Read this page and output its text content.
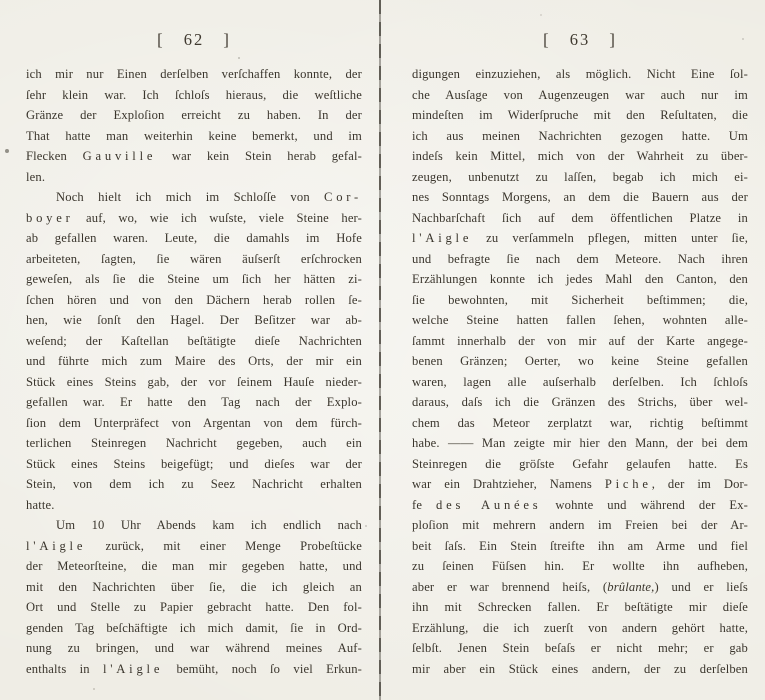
[ 62 ]
ich mir nur Einen derſelben verſchaffen konnte, der
ſehr klein war. Ich ſchloſs hieraus, die weſtliche
Gränze der Exploſion erreicht zu haben. In der
That hatte man weiterhin keine bemerkt, und im
Flecken Gauville war kein Stein herab gefal-
len.
Noch hielt ich mich im Schloſſe von Cor-
boyer auf, wo, wie ich wuſste, viele Steine her-
ab gefallen waren. Leute, die damahls im Hofe
arbeiteten, ſagten, ſie wären äuſserſt erſchrocken
geweſen, als ſie die Steine um ſich her hätten zi-
ſchen hören und von den Dächern herab rollen ſe-
hen, wie ſonſt den Hagel. Der Beſitzer war ab-
weſend; der Kaſtellan beſtätigte dieſe Nachrichten
und führte mich zum Maire des Orts, der mir ein
Stück eines Steins gab, der vor ſeinem Hauſe nieder-
gefallen war. Er hatte den Tag nach der Explo-
ſion dem Unterpräfect von Argentan von dem fürch-
terlichen Steinregen Nachricht gegeben, auch ein
Stück eines Steins beigefügt; und dieſes war der
Stein, von dem ich zu Seez Nachricht erhalten
hatte.
Um 10 Uhr Abends kam ich endlich nach
l'Aigle zurück, mit einer Menge Probeſtücke
der Meteorſteine, die man mir gegeben hatte, und
mit den Nachrichten über ſie, die ich gleich an
Ort und Stelle zu Papier gebracht hatte. Den fol-
genden Tag beſchäftigte ich mich damit, ſie in Ord-
nung zu bringen, und war während meines Auf-
enthalts in l'Aigle bemüht, noch ſo viel Erkun-
[ 63 ]
digungen einzuziehen, als möglich. Nicht Eine ſol-
che Ausſage von Augenzeugen war auch nur im
mindeſten im Widerſpruche mit den Reſultaten, die
ich aus meinen Nachrichten gezogen hatte. Um
indeſs kein Mittel, mich von der Wahrheit zu über-
zeugen, unbenutzt zu laſſen, begab ich mich ei-
nes Sonntags Morgens, an dem die Bauern aus der
Nachbarſchaft ſich auf dem öffentlichen Platze in
l'Aigle zu verſammeln pflegen, mitten unter ſie,
und befragte ſie nach dem Meteore. Nach ihren
Erzählungen konnte ich jedes Mahl den Canton, den
ſie bewohnten, mit Sicherheit beſtimmen; die,
welche Steine hatten fallen ſehen, wohnten alle-
ſammt innerhalb der von mir auf der Karte angege-
benen Gränzen; Oerter, wo keine Steine gefallen
waren, lagen alle auſserhalb derſelben. Ich ſchloſs
daraus, daſs ich die Gränzen des Strichs, über wel-
chem das Meteor zerplatzt war, richtig beſtimmt
habe. —— Man zeigte mir hier den Mann, der bei dem
Steinregen die gröſste Gefahr gelaufen hatte. Es
war ein Drahtzieher, Namens Piche, der im Dor-
fe des Aunées wohnte und während der Ex-
ploſion mit mehrern andern im Freien bei der Ar-
beit ſaſs. Ein Stein ſtreifte ihn am Arme und fiel
zu ſeinen Füſsen hin. Er wollte ihn aufheben,
aber er war brennend heiſs, (brûlante,) und er lieſs
ihn mit Schrecken fallen. Er beſtätigte mir dieſe
Erzählung, die ich zuerſt von andern gehört hatte,
ſelbſt. Jenen Stein beſaſs er nicht mehr; er gab
mir aber ein Stück eines andern, der zu derſelben
